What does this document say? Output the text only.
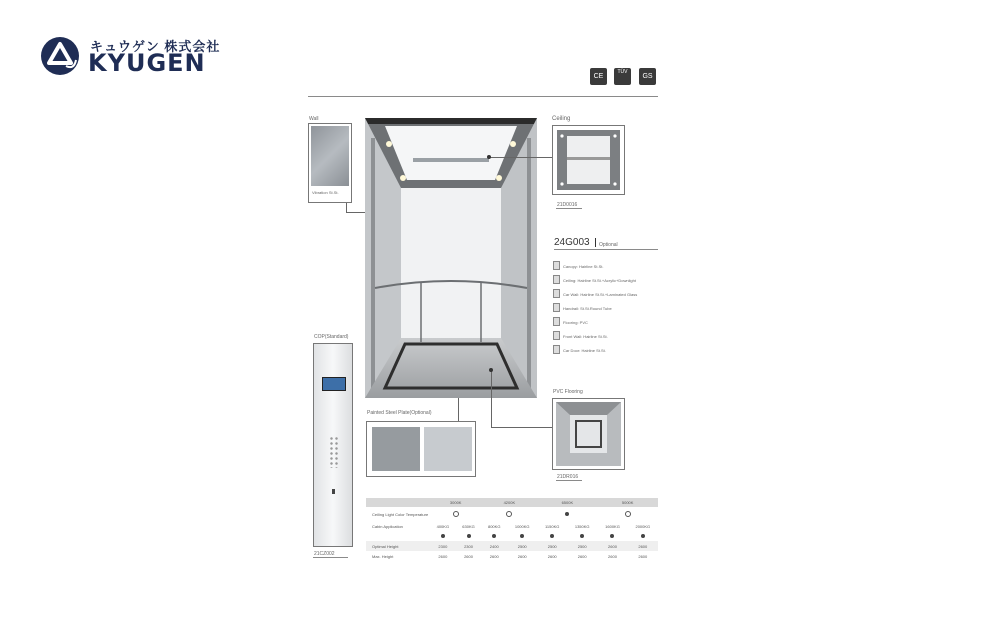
キュウゲン 株式会社
KYUGEN	CE
TÜV
GS
Wall
Vibration St.St.
Ceiling
21D0016
24G003 Optional
Canopy: Hairline St.St.
Ceiling: Hairline St.St.+Acrylic+Downlight
Car Wall: Hairline St.St.+Laminated Glass
Handrail: St.St.Round Tube
Flooring: PVC
Front Wall: Hairline St.St.
Car Door: Hairline St.St.
COP(Standard)
21CZ002
Painted Steel Plate(Optional)
PVC Flooring
21DR016
	3000K		4200K		6500K		5000K	
Ceiling Light Color Temperature								
Cabin Application	400KG	630KG	800KG	1000KG	1150KG	1350KG	1600KG	2000KG

Optimal Height	2300	2300	2400	2500	2500	2500	2600	2600
Max. Height	2600	2600	2600	2600	2600	2600	2600	2600
